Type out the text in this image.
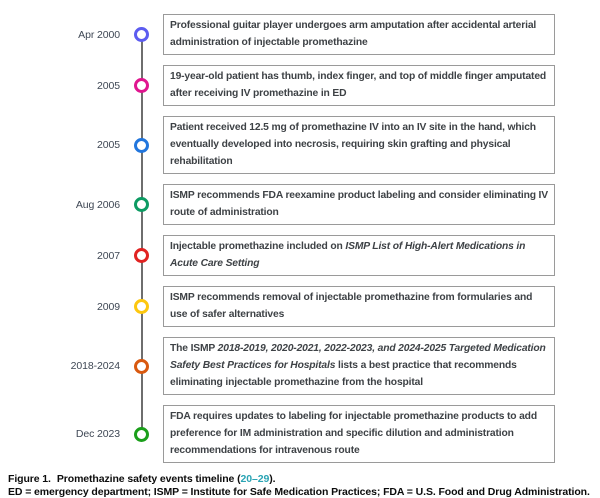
Apr 2000
Professional guitar player undergoes arm amputation after accidental arterial administration of injectable promethazine
2005
19-year-old patient has thumb, index finger, and top of middle finger amputated after receiving IV promethazine in ED
2005
Patient received 12.5 mg of promethazine IV into an IV site in the hand, which eventually developed into necrosis, requiring skin grafting and physical rehabilitation
Aug 2006
ISMP recommends FDA reexamine product labeling and consider eliminating IV route of administration
2007
Injectable promethazine included on ISMP List of High-Alert Medications in Acute Care Setting
2009
ISMP recommends removal of injectable promethazine from formularies and use of safer alternatives
2018-2024
The ISMP 2018-2019, 2020-2021, 2022-2023, and 2024-2025 Targeted Medication Safety Best Practices for Hospitals lists a best practice that recommends eliminating injectable promethazine from the hospital
Dec 2023
FDA requires updates to labeling for injectable promethazine products to add preference for IM administration and specific dilution and administration recommendations for intravenous route
Figure 1. Promethazine safety events timeline (20–29).
ED = emergency department; ISMP = Institute for Safe Medication Practices; FDA = U.S. Food and Drug Administration.
